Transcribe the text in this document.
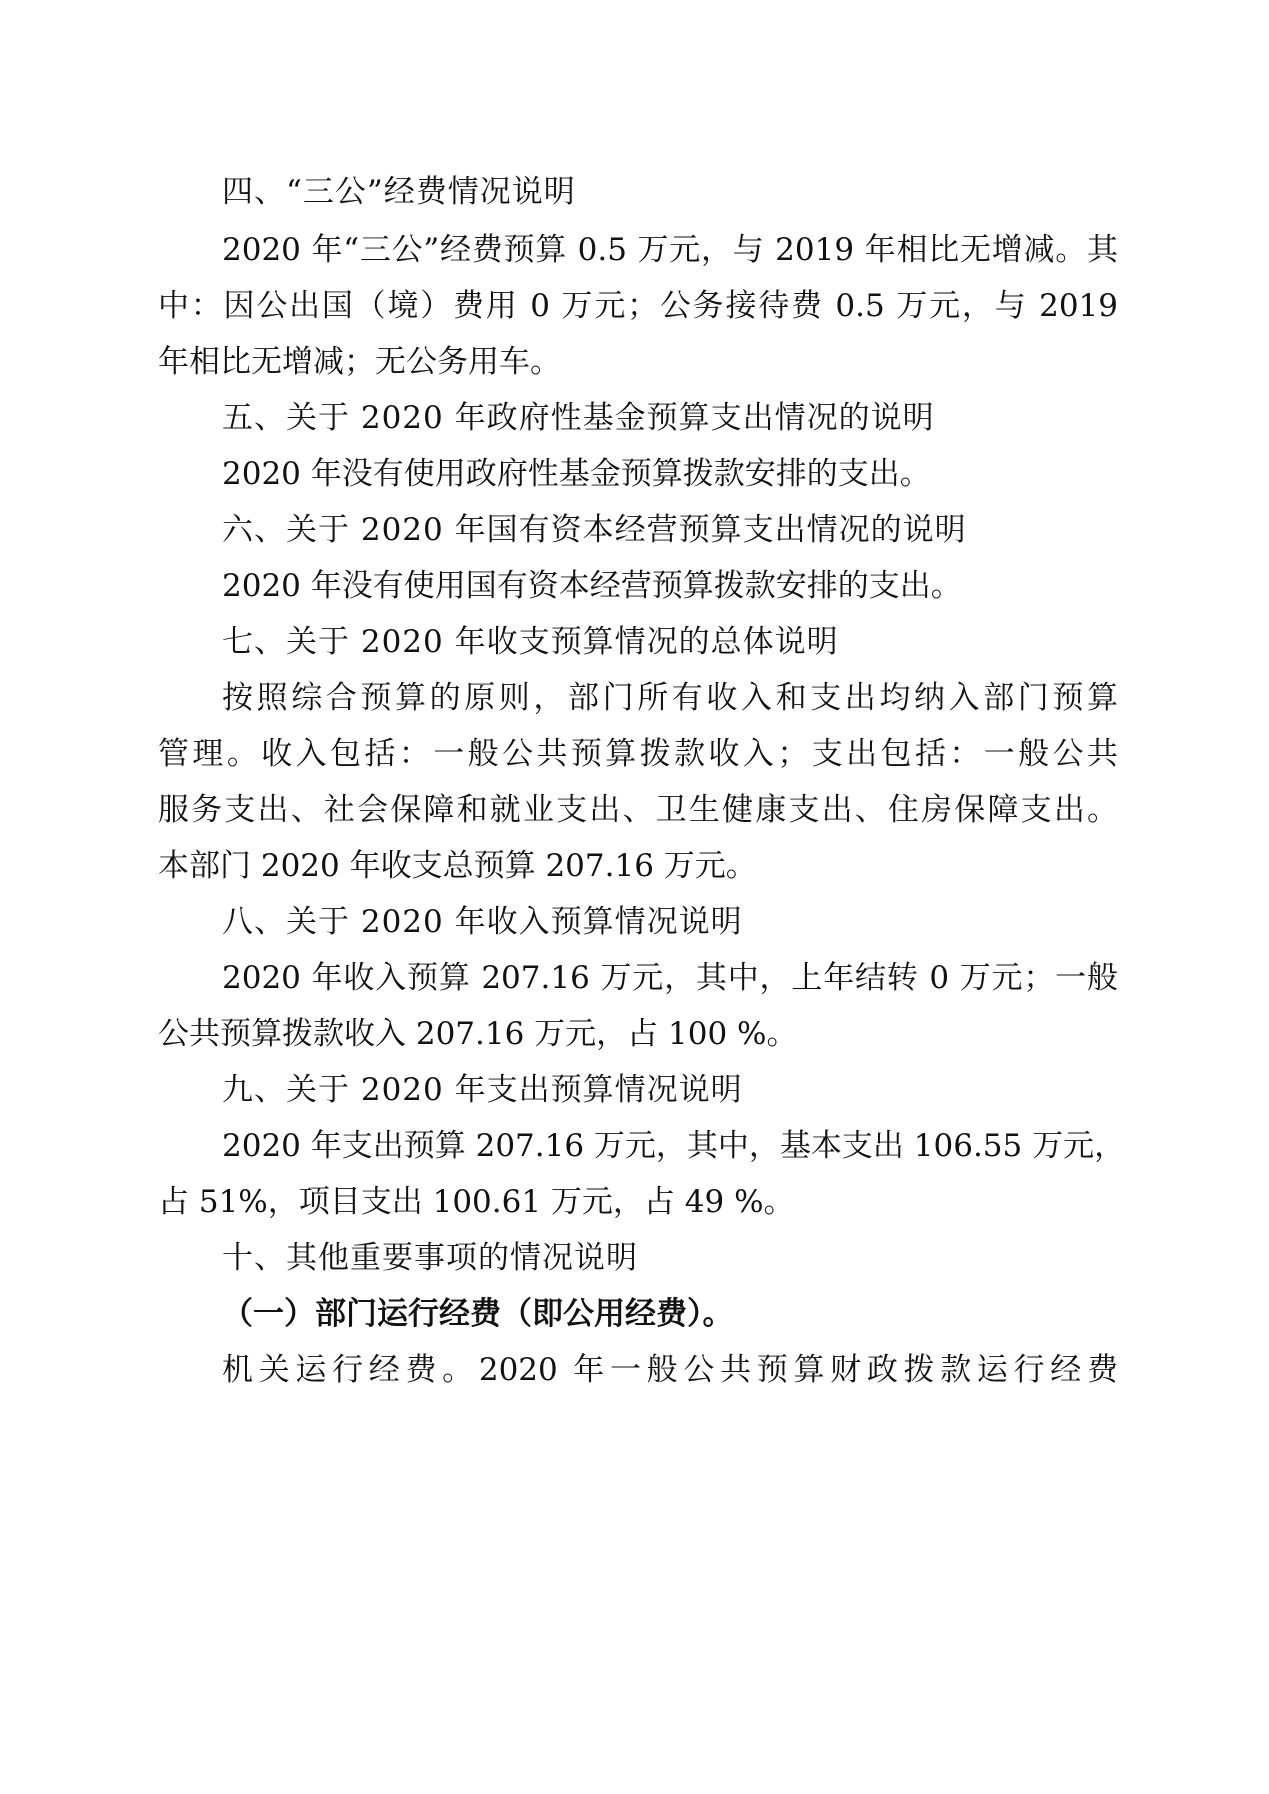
四、“三公”经费情况说明
2020 年“三公”经费预算 0.5 万元，与 2019 年相比无增减。其
中：因公出国（境）费用 0 万元；公务接待费 0.5 万元，与 2019
年相比无增减；无公务用车。
五、关于 2020 年政府性基金预算支出情况的说明
2020 年没有使用政府性基金预算拨款安排的支出。
六、关于 2020 年国有资本经营预算支出情况的说明
2020 年没有使用国有资本经营预算拨款安排的支出。
七、关于 2020 年收支预算情况的总体说明
按照综合预算的原则，部门所有收入和支出均纳入部门预算
管理。收入包括：一般公共预算拨款收入；支出包括：一般公共
服务支出、社会保障和就业支出、卫生健康支出、住房保障支出。
本部门 2020 年收支总预算 207.16 万元。
八、关于 2020 年收入预算情况说明
2020 年收入预算 207.16 万元，其中，上年结转 0 万元；一般
公共预算拨款收入 207.16 万元，占 100 %。
九、关于 2020 年支出预算情况说明
2020 年支出预算 207.16 万元，其中，基本支出 106.55 万元，
占 51%，项目支出 100.61 万元，占 49 %。
十、其他重要事项的情况说明
（一）部门运行经费（即公用经费）。
机关运行经费。2020 年一般公共预算财政拨款运行经费
